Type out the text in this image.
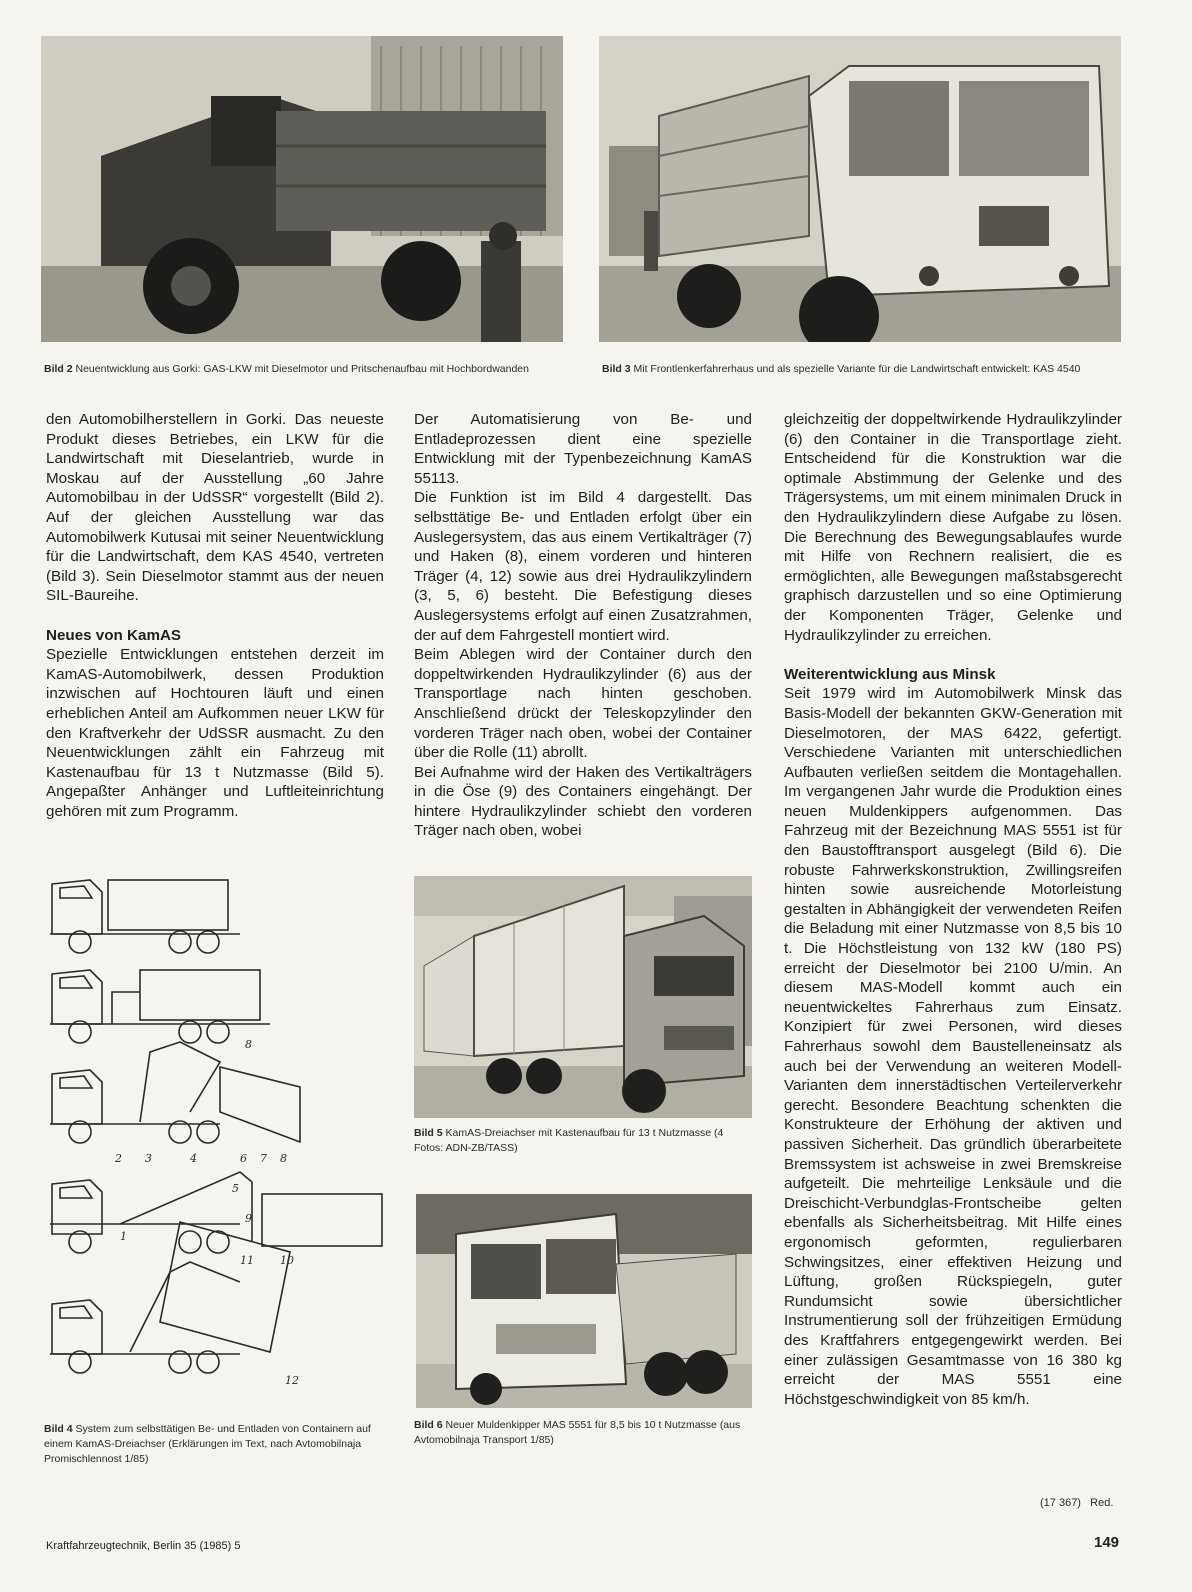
Bild 2 Neuentwicklung aus Gorki: GAS-LKW mit Dieselmotor und Pritschenaufbau mit Hochbordwanden	Bild 3 Mit Frontlenkerfahrerhaus und als spezielle Variante für die Landwirtschaft entwickelt: KAS 4540

den Automobilherstellern in Gorki. Das neueste Produkt dieses Betriebes, ein LKW für die Landwirtschaft mit Dieselantrieb, wurde in Moskau auf der Ausstellung „60 Jahre Automobilbau in der UdSSR“ vorgestellt (Bild 2). Auf der gleichen Ausstellung war das Automobilwerk Kutusai mit seiner Neuentwicklung für die Landwirtschaft, dem KAS 4540, vertreten (Bild 3). Sein Dieselmotor stammt aus der neuen SIL-Baureihe.

Neues von KamAS

Spezielle Entwicklungen entstehen derzeit im KamAS-Automobilwerk, dessen Produktion inzwischen auf Hochtouren läuft und einen erheblichen Anteil am Aufkommen neuer LKW für den Kraftverkehr der UdSSR ausmacht. Zu den Neuentwicklungen zählt ein Fahrzeug mit Kastenaufbau für 13 t Nutzmasse (Bild 5). Angepaßter Anhänger und Luftleiteinrichtung gehören mit zum Programm.

Der Automatisierung von Be- und Entladeprozessen dient eine spezielle Entwicklung mit der Typenbezeichnung KamAS 55113.

Die Funktion ist im Bild 4 dargestellt. Das selbsttätige Be- und Entladen erfolgt über ein Auslegersystem, das aus einem Vertikalträger (7) und Haken (8), einem vorderen und hinteren Träger (4, 12) sowie aus drei Hydraulikzylindern (3, 5, 6) besteht. Die Befestigung dieses Auslegersystems erfolgt auf einen Zusatzrahmen, der auf dem Fahrgestell montiert wird.

Beim Ablegen wird der Container durch den doppeltwirkenden Hydraulikzylinder (6) aus der Transportlage nach hinten geschoben. Anschließend drückt der Teleskopzylinder den vorderen Träger nach oben, wobei der Container über die Rolle (11) abrollt.

Bei Aufnahme wird der Haken des Vertikalträgers in die Öse (9) des Containers eingehängt. Der hintere Hydraulikzylinder schiebt den vorderen Träger nach oben, wobei

gleichzeitig der doppeltwirkende Hydraulikzylinder (6) den Container in die Transportlage zieht. Entscheidend für die Konstruktion war die optimale Abstimmung der Gelenke und des Trägersystems, um mit einem minimalen Druck in den Hydraulikzylindern diese Aufgabe zu lösen. Die Berechnung des Bewegungsablaufes wurde mit Hilfe von Rechnern realisiert, die es ermöglichten, alle Bewegungen maßstabsgerecht graphisch darzustellen und so eine Optimierung der Komponenten Träger, Gelenke und Hydraulikzylinder zu erreichen.

Weiterentwicklung aus Minsk

Seit 1979 wird im Automobilwerk Minsk das Basis-Modell der bekannten GKW-Generation mit Dieselmotoren, der MAS 6422, gefertigt. Verschiedene Varianten mit unterschiedlichen Aufbauten verließen seitdem die Montagehallen. Im vergangenen Jahr wurde die Produktion eines neuen Muldenkippers aufgenommen. Das Fahrzeug mit der Bezeichnung MAS 5551 ist für den Baustofftransport ausgelegt (Bild 6). Die robuste Fahrwerkskonstruktion, Zwillingsreifen hinten sowie ausreichende Motorleistung gestalten in Abhängigkeit der verwendeten Reifen die Beladung mit einer Nutzmasse von 8,5 bis 10 t. Die Höchstleistung von 132 kW (180 PS) erreicht der Dieselmotor bei 2100 U/min. An diesem MAS-Modell kommt auch ein neuentwickeltes Fahrerhaus zum Einsatz. Konzipiert für zwei Personen, wird dieses Fahrerhaus sowohl dem Baustelleneinsatz als auch bei der Verwendung an weiteren Modell-Varianten dem innerstädtischen Verteilerverkehr gerecht. Besondere Beachtung schenkten die Konstrukteure der Erhöhung der aktiven und passiven Sicherheit. Das gründlich überarbeitete Bremssystem ist achsweise in zwei Bremskreise aufgeteilt. Die mehrteilige Lenksäule und die Dreischicht-Verbundglas-Frontscheibe gelten ebenfalls als Sicherheitsbeitrag. Mit Hilfe eines ergonomisch geformten, regulierbaren Schwingsitzes, einer effektiven Heizung und Lüftung, großen Rückspiegeln, guter Rundumsicht sowie übersichtlicher Instrumentierung soll der frühzeitigen Ermüdung des Kraftfahrers entgegengewirkt werden. Bei einer zulässigen Gesamtmasse von 16 380 kg erreicht der MAS 5551 eine Höchstgeschwindigkeit von 85 km/h.

(17 367) Red.
8
2 3	4	6 7 8
5
1
9
11 10
12
Bild 4 System zum selbsttätigen Be- und Entladen von Containern auf einem KamAS-Dreiachser (Erklärungen im Text, nach Avtomobilnaja Promischlennost 1/85)
Bild 5 KamAS-Dreiachser mit Kastenaufbau für 13 t Nutzmasse (4 Fotos: ADN-ZB/TASS)
Bild 6 Neuer Muldenkipper MAS 5551 für 8,5 bis 10 t Nutzmasse (aus Avtomobilnaja Transport 1/85)
Kraftfahrzeugtechnik, Berlin 35 (1985) 5	149
